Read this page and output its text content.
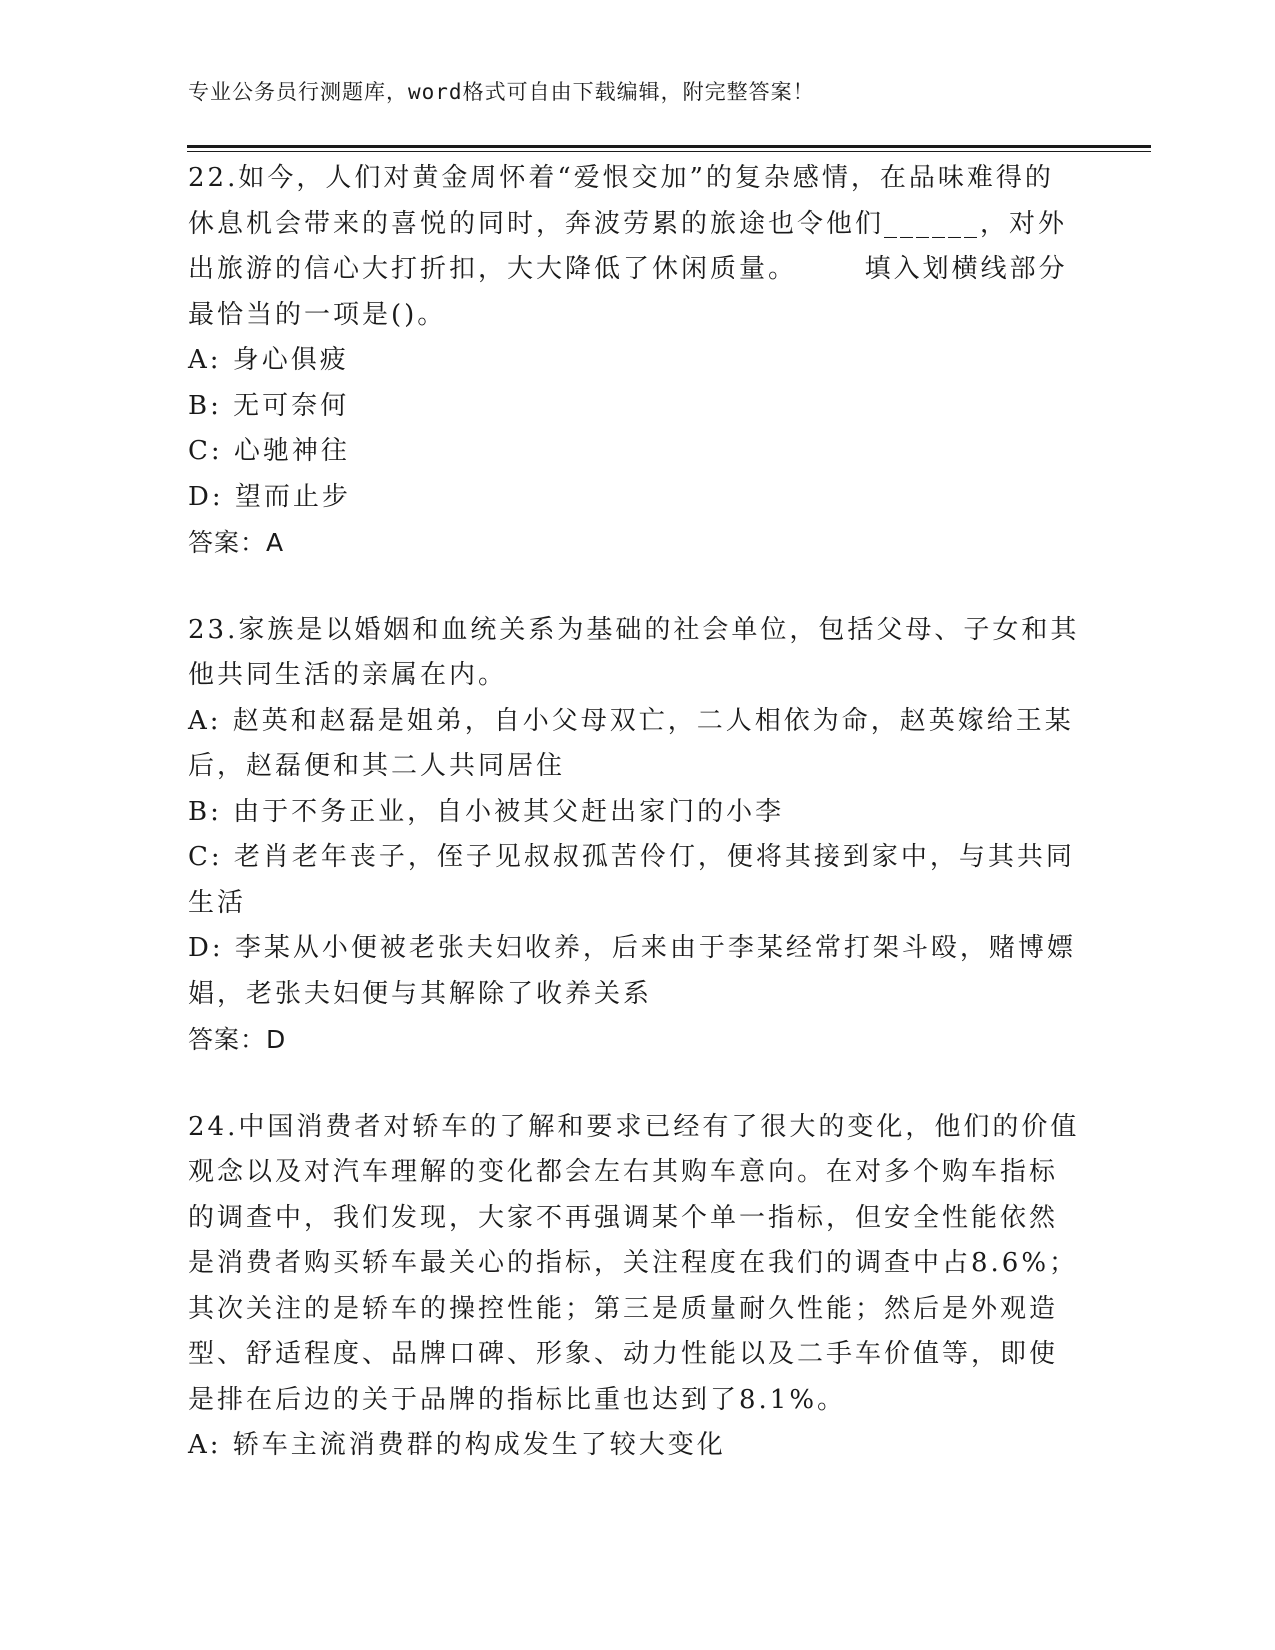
专业公务员行测题库，word格式可自由下载编辑，附完整答案！
22.如今，人们对黄金周怀着“爱恨交加”的复杂感情，在品味难得的
休息机会带来的喜悦的同时，奔波劳累的旅途也令他们______，对外
出旅游的信心大打折扣，大大降低了休闲质量。      填入划横线部分
最恰当的一项是()。
A: 身心俱疲
B: 无可奈何
C: 心驰神往
D: 望而止步
答案：A
23.家族是以婚姻和血统关系为基础的社会单位，包括父母、子女和其
他共同生活的亲属在内。
A: 赵英和赵磊是姐弟，自小父母双亡，二人相依为命，赵英嫁给王某
后，赵磊便和其二人共同居住
B: 由于不务正业，自小被其父赶出家门的小李
C: 老肖老年丧子，侄子见叔叔孤苦伶仃，便将其接到家中，与其共同
生活
D: 李某从小便被老张夫妇收养，后来由于李某经常打架斗殴，赌博嫖
娼，老张夫妇便与其解除了收养关系
答案：D
24.中国消费者对轿车的了解和要求已经有了很大的变化，他们的价值
观念以及对汽车理解的变化都会左右其购车意向。在对多个购车指标
的调查中，我们发现，大家不再强调某个单一指标，但安全性能依然
是消费者购买轿车最关心的指标，关注程度在我们的调查中占8.6%；
其次关注的是轿车的操控性能；第三是质量耐久性能；然后是外观造
型、舒适程度、品牌口碑、形象、动力性能以及二手车价值等，即使
是排在后边的关于品牌的指标比重也达到了8.1%。
A: 轿车主流消费群的构成发生了较大变化
